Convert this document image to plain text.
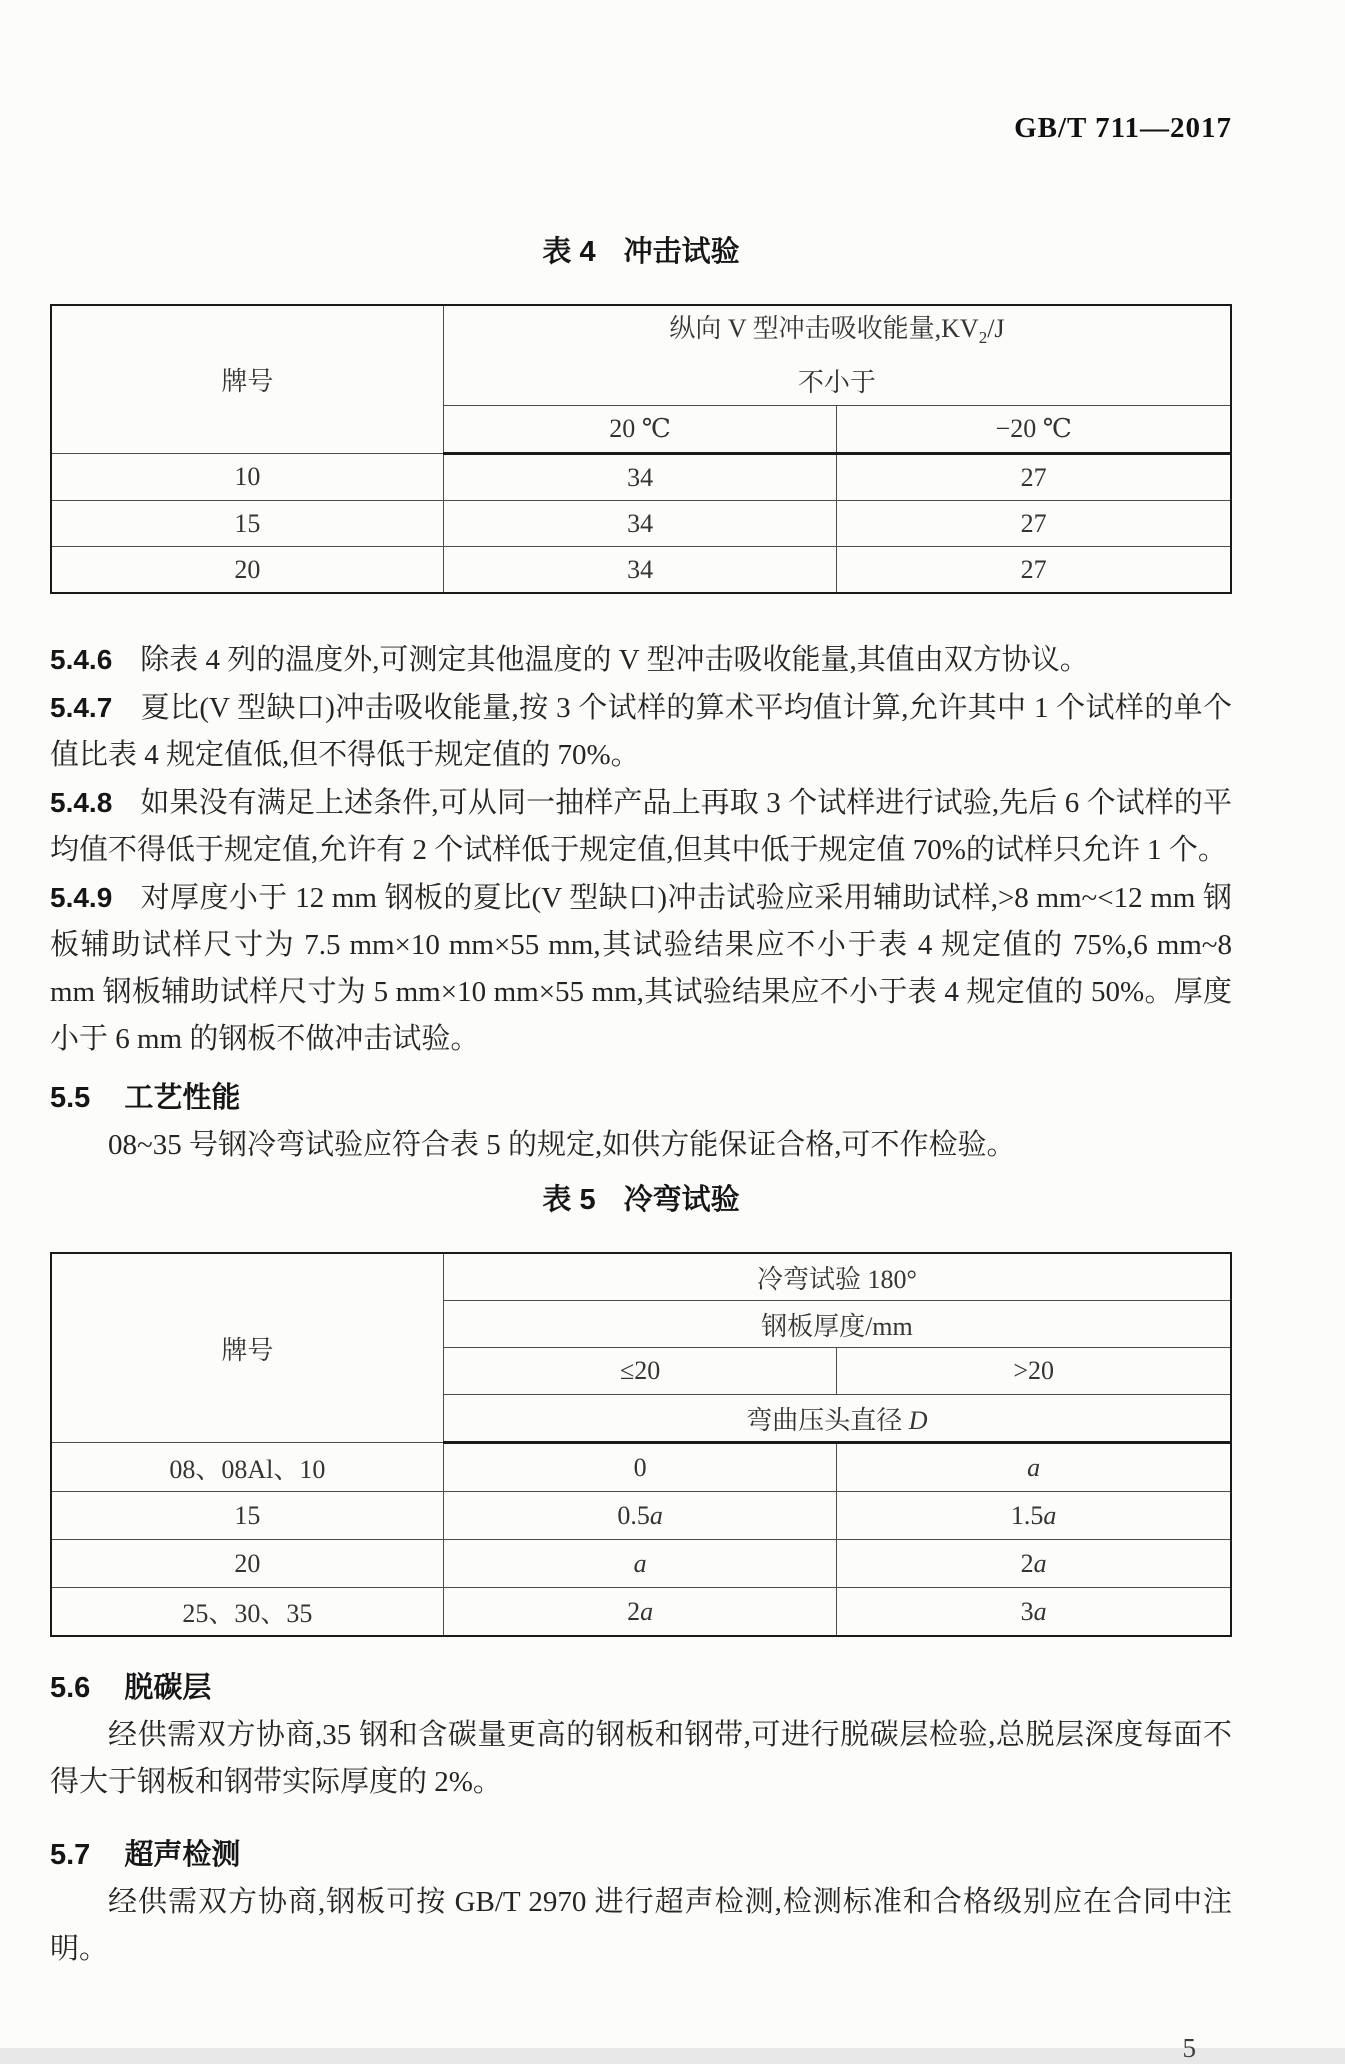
GB/T 711—2017
表 4 冲击试验
牌号	纵向 V 型冲击吸收能量$,KV_2/J$
不小于	

	20 ℃	−20 ℃
10	34	27
15	34	27
20	34	27

5.4.6 除表 4 列的温度外,可测定其他温度的 V 型冲击吸收能量,其值由双方协议。

5.4.7 夏比(V 型缺口)冲击吸收能量,按 3 个试样的算术平均值计算,允许其中 1 个试样的单个值比表 4 规定值低,但不得低于规定值的 70%。

5.4.8 如果没有满足上述条件,可从同一抽样产品上再取 3 个试样进行试验,先后 6 个试样的平均值不得低于规定值,允许有 2 个试样低于规定值,但其中低于规定值 70%的试样只允许 1 个。

5.4.9 对厚度小于 12 mm 钢板的夏比(V 型缺口)冲击试验应采用辅助试样,>8 mm~<12 mm 钢板辅助试样尺寸为 7.5 mm×10 mm×55 mm,其试验结果应不小于表 4 规定值的 75%,6 mm~8 mm 钢板辅助试样尺寸为 5 mm×10 mm×55 mm,其试验结果应不小于表 4 规定值的 50%。厚度小于 6 mm 的钢板不做冲击试验。

5.5 工艺性能

08~35 号钢冷弯试验应符合表 5 的规定,如供方能保证合格,可不作检验。

表 5 冷弯试验
牌号	冷弯试验 180°	
	钢板厚度/mm	
	≤20	>20
	弯曲压头直径 D	
08、08Al、10	0	a
15	0.5a	1.5a
20	a	2a
25、30、35	2a	3a

5.6 脱碳层

经供需双方协商,35 钢和含碳量更高的钢板和钢带,可进行脱碳层检验,总脱层深度每面不得大于钢板和钢带实际厚度的 2%。

5.7 超声检测

经供需双方协商,钢板可按 GB/T 2970 进行超声检测,检测标准和合格级别应在合同中注明。

5
